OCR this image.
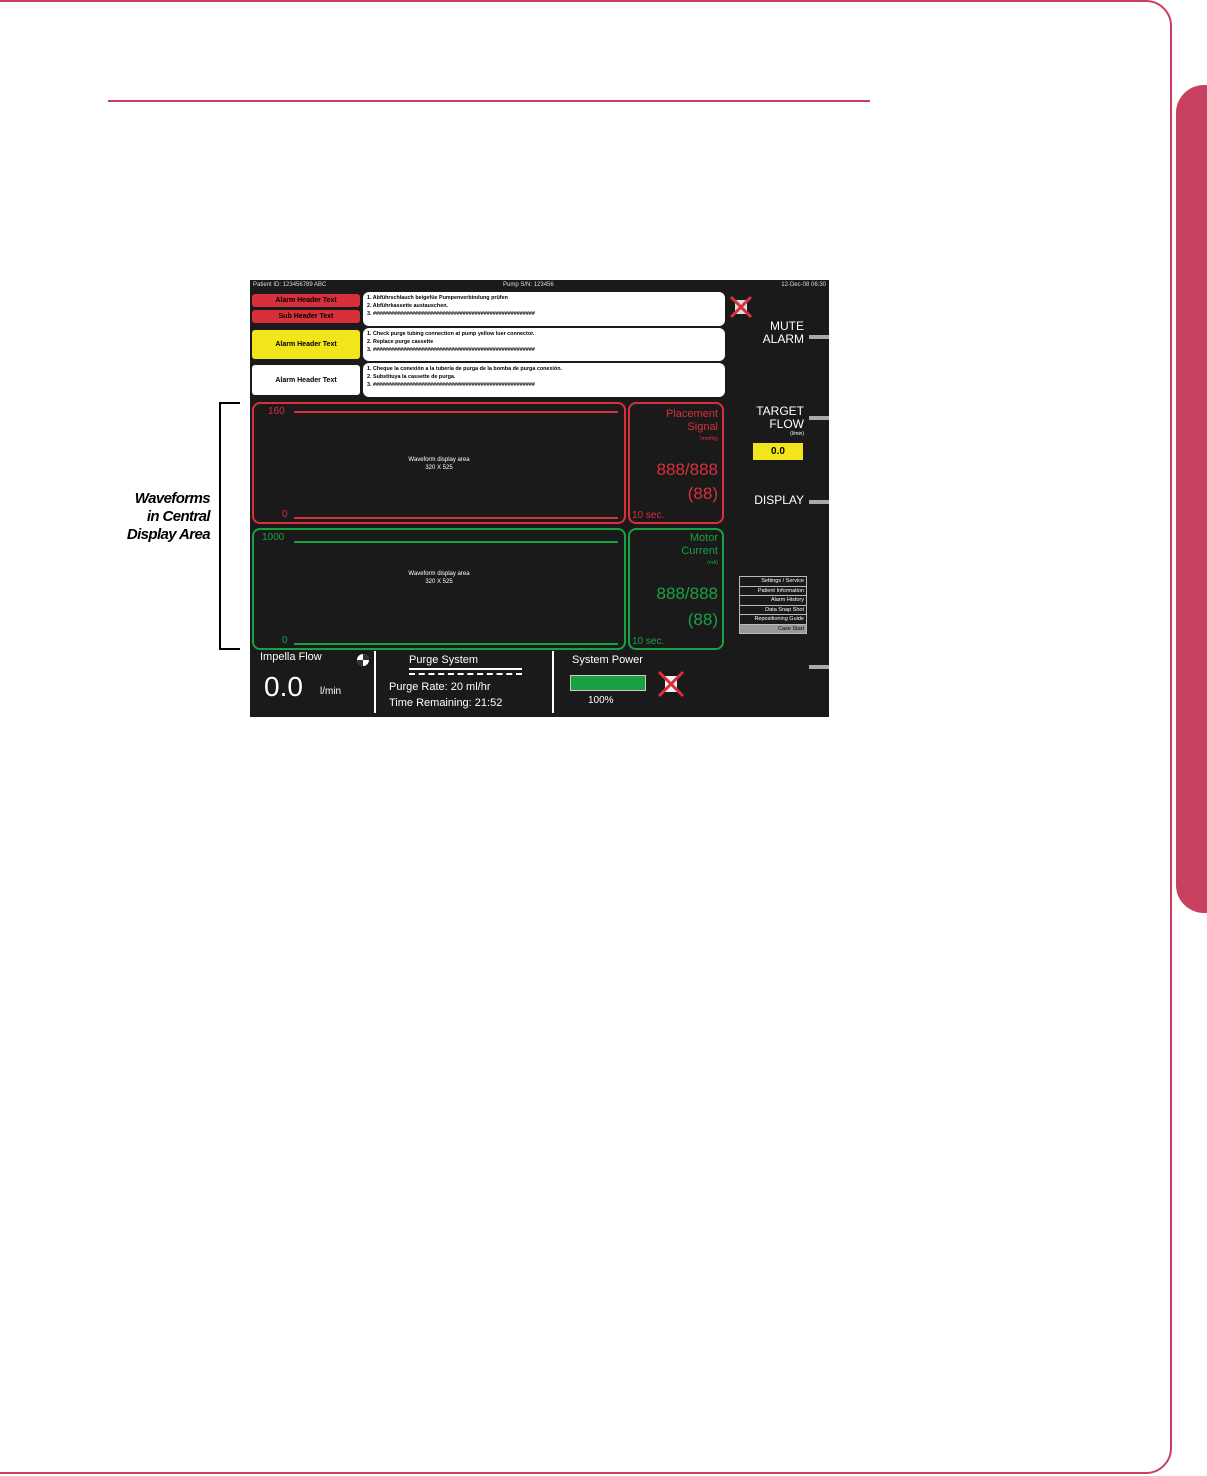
Waveforms
in Central
Display Area
Patient ID: 123456789 ABC	Pump S/N: 123456	12-Dec-08 06:30
Alarm Header Text
Sub Header Text
1. Abführschlauch beigefüe Pumpenverbindung prüfen
2. Abführkassette austauschen.
3. ######################################################
Alarm Header Text
1. Check purge tubing connection at pump yellow luer connector.
2. Replace purge cassette
3. ######################################################
Alarm Header Text
1. Cheque la conexión a la tubería de purga de la bomba de purga conexión.
2. Substituya la cassette de purga.
3. ######################################################
160
0
Waveform display area
320 X 525
Placement
Signal
(mmHg)
888/888
(88)
10 sec.
1000
0
Waveform display area
320 X 525
Motor
Current
(mA)
888/888
(88)
10 sec.
MUTE
ALARM
TARGET
FLOW
(l/min)
0.0
DISPLAY
Settings / Service
Patient Information
Alarm History
Data Snap Shot
Repositioning Guide
Case Start
Impella Flow
0.0 l/min
Purge System
Purge Rate: 20 ml/hr
Time Remaining: 21:52
System Power
100%
